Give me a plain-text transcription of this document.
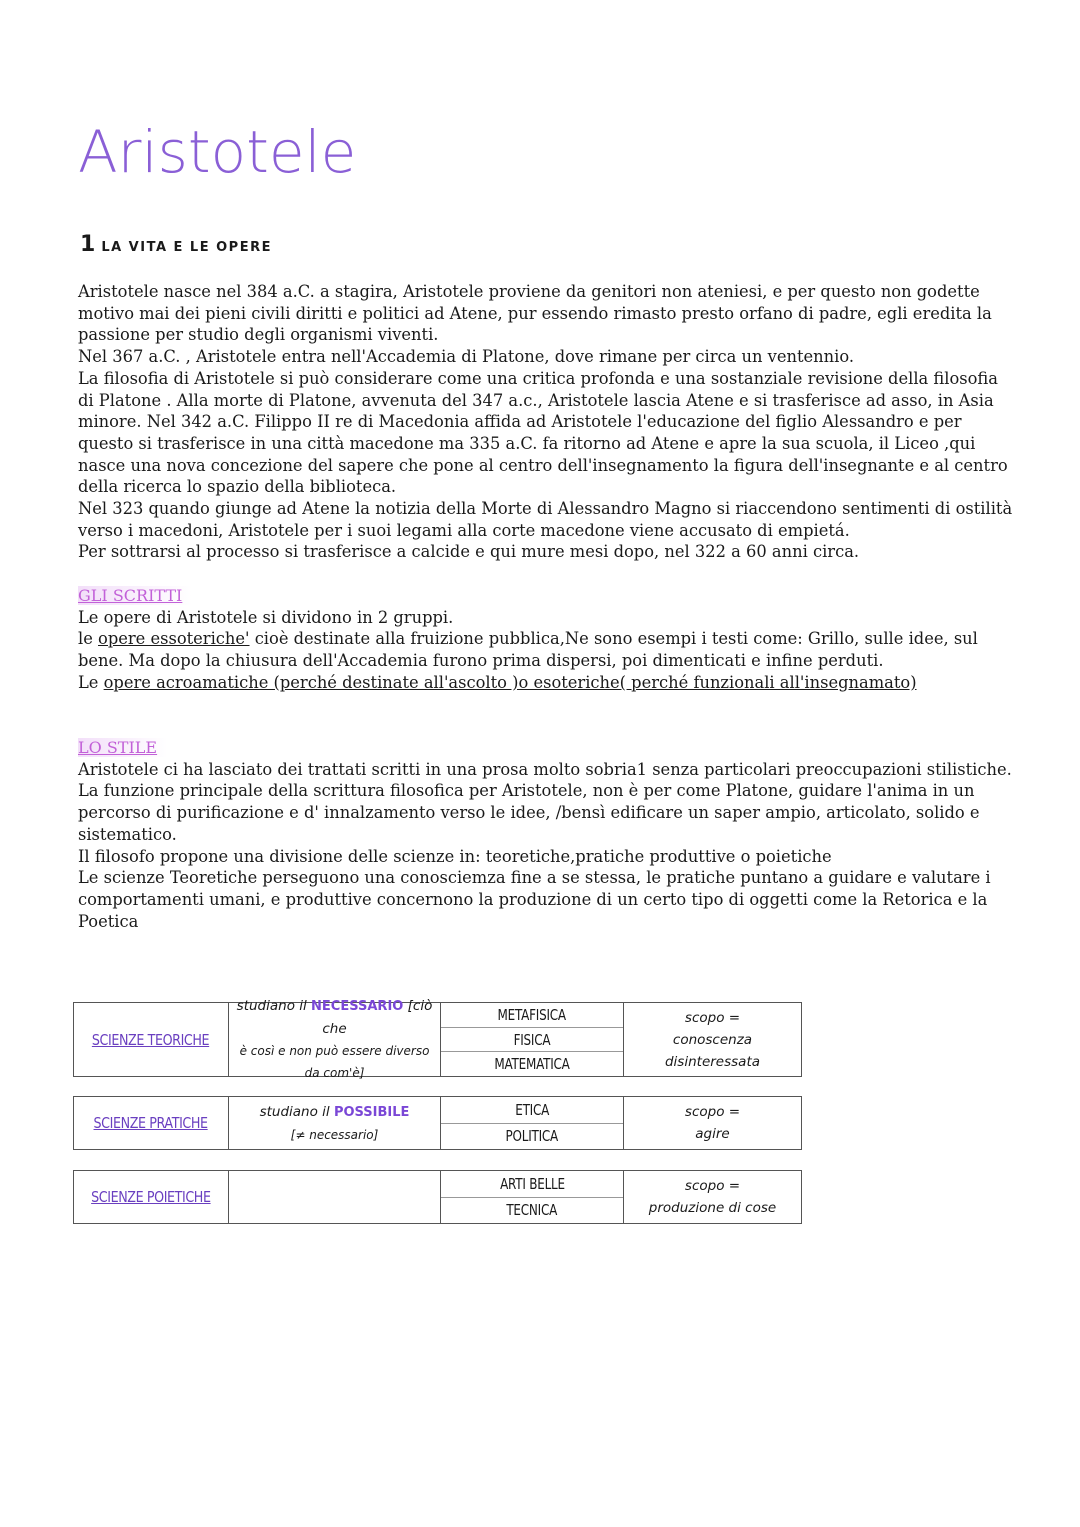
Aristotele
1 LA VITA E LE OPERE

Aristotele nasce nel 384 a.C. a stagira, Aristotele proviene da genitori non ateniesi, e per questo non godette motivo mai dei pieni civili diritti e politici ad Atene, pur essendo rimasto presto orfano di padre, egli eredita la passione per studio degli organismi viventi.

Nel 367 a.C. , Aristotele entra nell'Accademia di Platone, dove rimane per circa un ventennio.

La filosofia di Aristotele si può considerare come una critica profonda e una sostanziale revisione della filosofia di Platone . Alla morte di Platone, avvenuta del 347 a.c., Aristotele lascia Atene e si trasferisce ad asso, in Asia minore. Nel 342 a.C. Filippo II re di Macedonia affida ad Aristotele l'educazione del figlio Alessandro e per questo si trasferisce in una città macedone ma 335 a.C. fa ritorno ad Atene e apre la sua scuola, il Liceo ,qui nasce una nova concezione del sapere che pone al centro dell'insegnamento la figura dell'insegnante e al centro della ricerca lo spazio della biblioteca.

Nel 323 quando giunge ad Atene la notizia della Morte di Alessandro Magno si riaccendono sentimenti di ostilità verso i macedoni, Aristotele per i suoi legami alla corte macedone viene accusato di empietá.

Per sottrarsi al processo si trasferisce a calcide e qui mure mesi dopo, nel 322 a 60 anni circa.

GLI SCRITTI

Le opere di Aristotele si dividono in 2 gruppi.

le opere essoteriche' cioè destinate alla fruizione pubblica,Ne sono esempi i testi come: Grillo, sulle idee, sul bene. Ma dopo la chiusura dell'Accademia furono prima dispersi, poi dimenticati e infine perduti.

Le opere acroamatiche (perché destinate all'ascolto )o esoteriche( perché funzionali all'insegnamato)

LO STILE

Aristotele ci ha lasciato dei trattati scritti in una prosa molto sobria1 senza particolari preoccupazioni stilistiche. La funzione principale della scrittura filosofica per Aristotele, non è per come Platone, guidare l'anima in un percorso di purificazione e d' innalzamento verso le idee, /bensì edificare un saper ampio, articolato, solido e sistematico.

Il filosofo propone una divisione delle scienze in: teoretiche,pratiche produttive o poietiche

Le scienze Teoretiche perseguono una conosciemza fine a se stessa, le pratiche puntano a guidare e valutare i comportamenti umani, e produttive concernono la produzione di un certo tipo di oggetti come la Retorica e la Poetica

SCIENZE TEORICHE
studiano il NECESSARIO [ciò che
è così e non può essere diverso
da com'è]
METAFISICA
FISICA
MATEMATICA
scopo =
conoscenza disinteressata
SCIENZE PRATICHE
studiano il POSSIBILE
[≠ necessario]
ETICA
POLITICA
scopo =
agire
SCIENZE POIETICHE
ARTI BELLE
TECNICA
scopo =
produzione di cose
